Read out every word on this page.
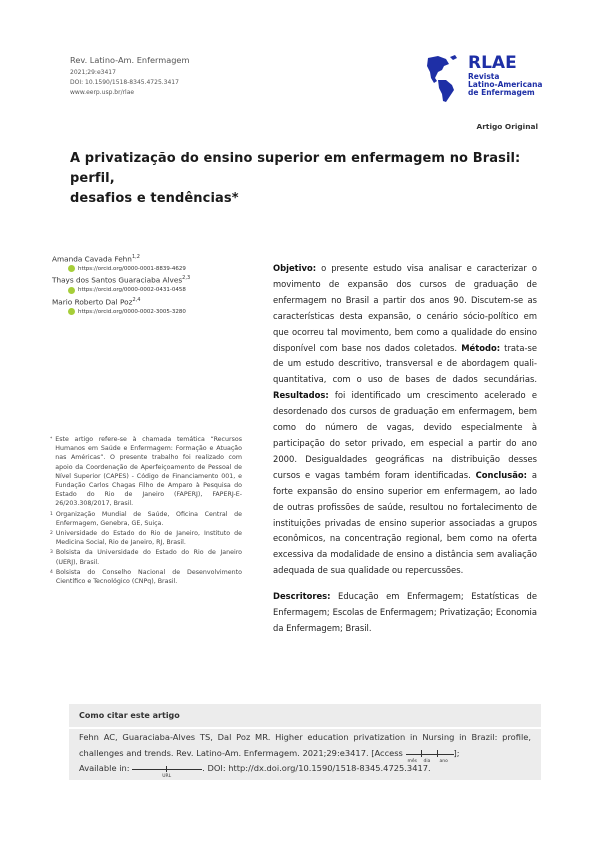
Rev. Latino-Am. Enfermagem
2021;29:e3417
DOI: 10.1590/1518-8345.4725.3417
www.eerp.usp.br/rlae
RLAE
Revista
Latino-Americana
de Enfermagem
Artigo Original
A privatização do ensino superior em enfermagem no Brasil: perfil,
desafios e tendências*
Amanda Cavada Fehn$^{1,2}$
https://orcid.org/0000-0001-8839-4629
Thays dos Santos Guaraciaba Alves$^{2,3}$
https://orcid.org/0000-0002-0431-0458
Mario Roberto Dal Poz$^{2,4}$
https://orcid.org/0000-0002-3005-3280
Objetivo: o presente estudo visa analisar e caracterizar o movimento de expansão dos cursos de graduação de enfermagem no Brasil a partir dos anos 90. Discutem-se as características desta expansão, o cenário sócio-político em que ocorreu tal movimento, bem como a qualidade do ensino disponível com base nos dados coletados. Método: trata-se de um estudo descritivo, transversal e de abordagem quali-quantitativa, com o uso de bases de dados secundárias. Resultados: foi identificado um crescimento acelerado e desordenado dos cursos de graduação em enfermagem, bem como do número de vagas, devido especialmente à participação do setor privado, em especial a partir do ano 2000. Desigualdades geográficas na distribuição desses cursos e vagas também foram identificadas. Conclusão: a forte expansão do ensino superior em enfermagem, ao lado de outras profissões de saúde, resultou no fortalecimento de instituições privadas de ensino superior associadas a grupos econômicos, na concentração regional, bem como na oferta excessiva da modalidade de ensino a distância sem avaliação adequada de sua qualidade ou repercussões.
Descritores: Educação em Enfermagem; Estatísticas de Enfermagem; Escolas de Enfermagem; Privatização; Economia da Enfermagem; Brasil.
* Este artigo refere-se à chamada temática “Recursos Humanos em Saúde e Enfermagem: Formação e Atuação nas Américas”. O presente trabalho foi realizado com apoio da Coordenação de Aperfeiçoamento de Pessoal de Nível Superior (CAPES) - Código de Financiamento 001, e Fundação Carlos Chagas Filho de Amparo à Pesquisa do Estado do Rio de Janeiro (FAPERJ), FAPERJ-E-26/203.308/2017, Brasil.
1 Organização Mundial de Saúde, Oficina Central de Enfermagem, Genebra, GE, Suiça.
2 Universidade do Estado do Rio de Janeiro, Instituto de Medicina Social, Rio de Janeiro, RJ, Brasil.
3 Bolsista da Universidade do Estado do Rio de Janeiro (UERJ), Brasil.
4 Bolsista do Conselho Nacional de Desenvolvimento Científico e Tecnológico (CNPq), Brasil.
Como citar este artigo
Fehn AC, Guaraciaba-Alves TS, Dal Poz MR. Higher education privatization in Nursing in Brazil: profile, challenges and trends. Rev. Latino-Am. Enfermagem. 2021;29:e3417. [Access
mês dia ano
];
Available in:
URL
. DOI: http://dx.doi.org/10.1590/1518-8345.4725.3417.
